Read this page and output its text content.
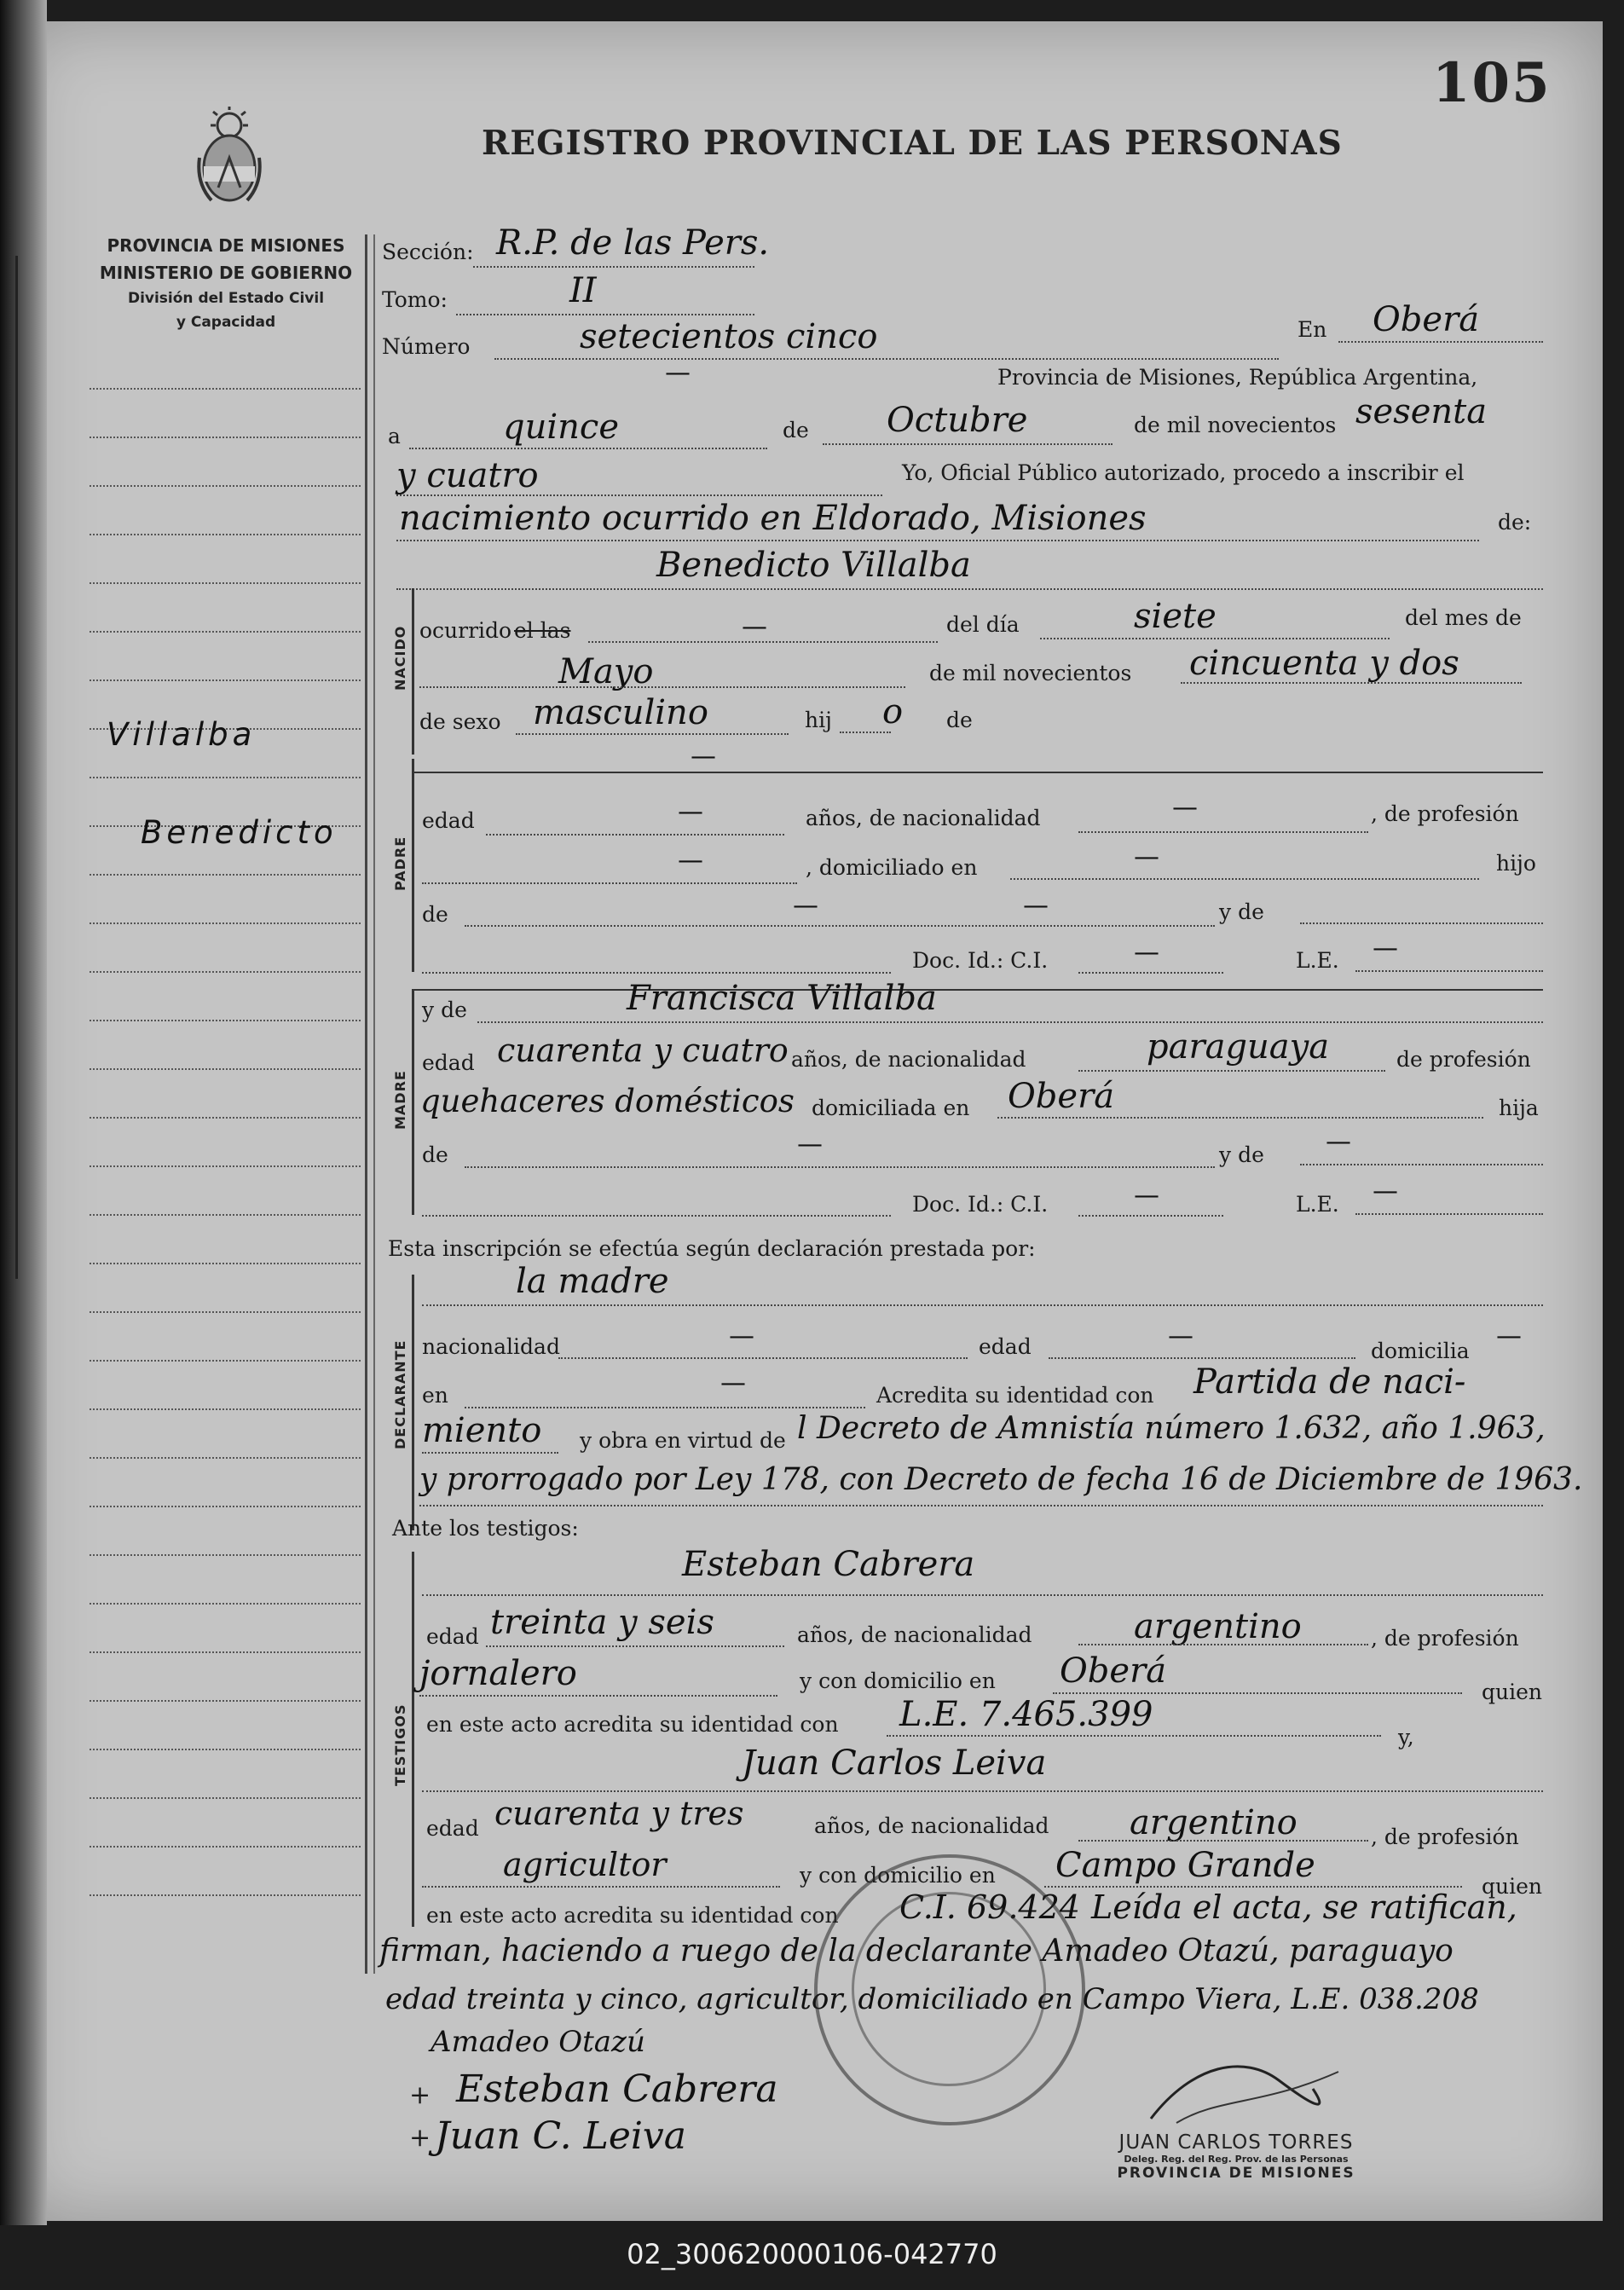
105
REGISTRO PROVINCIAL DE LAS PERSONAS
PROVINCIA DE MISIONES
MINISTERIO DE GOBIERNO
División del Estado Civil
y Capacidad
Villalba
Benedicto
Sección: R.P. de las Pers.
Tomo:	II
Número	setecientos cinco	En Oberá
—	Provincia de Misiones, República Argentina,
a	quince	de Octubre	de mil novecientos sesenta
y cuatro	Yo, Oficial Público autorizado, procedo a inscribir el
nacimiento ocurrido en Eldorado, Misiones	de:
Benedicto Villalba
NACIDO ocurrido el las	—	del día	siete	del mes de
Mayo	de mil novecientos cincuenta y dos
de sexo masculino	hij o de
—
PADRE
edad	—	años, de nacionalidad	—	, de profesión
—	, domiciliado en	—	hijo
de	—	—	y de
Doc. Id.: C.I.	—	L.E. —
MADRE
y de	Francisca Villalba
edad cuarenta y cuatro años, de nacionalidad	paraguaya	de profesión
quehaceres domésticos domiciliada en Oberá	hija
de	—	y de —
Doc. Id.: C.I.	—	L.E. —
Esta inscripción se efectúa según declaración prestada por:
DECLARANTE
la madre
nacionalidad	—	edad	—	domicilia —
en	—	Acredita su identidad con Partida de naci-
miento y obra en virtud de l Decreto de Amnistía número 1.632, año 1.963,
y prorrogado por Ley 178, con Decreto de fecha 16 de Diciembre de 1963.
Ante los testigos:
TESTIGOS
Esteban Cabrera
edad treinta y seis	años, de nacionalidad	argentino	, de profesión
jornalero	y con domicilio en Oberá
quien
en este acto acredita su identidad con L.E. 7.465.399
y,
Juan Carlos Leiva
edad cuarenta y tres	años, de nacionalidad argentino	, de profesión
agricultor	y con domicilio en Campo Grande
quien
en este acto acredita su identidad con C.I. 69.424 Leída el acta, se ratifican,
firman, haciendo a ruego de la declarante Amadeo Otazú, paraguayo
edad treinta y cinco, agricultor, domiciliado en Campo Viera, L.E. 038.208
Amadeo Otazú
Esteban Cabrera
Juan C. Leiva
+
+	JUAN CARLOS TORRES
Deleg. Reg. del Reg. Prov. de las Personas
PROVINCIA DE MISIONES
02_300620000106-042770
